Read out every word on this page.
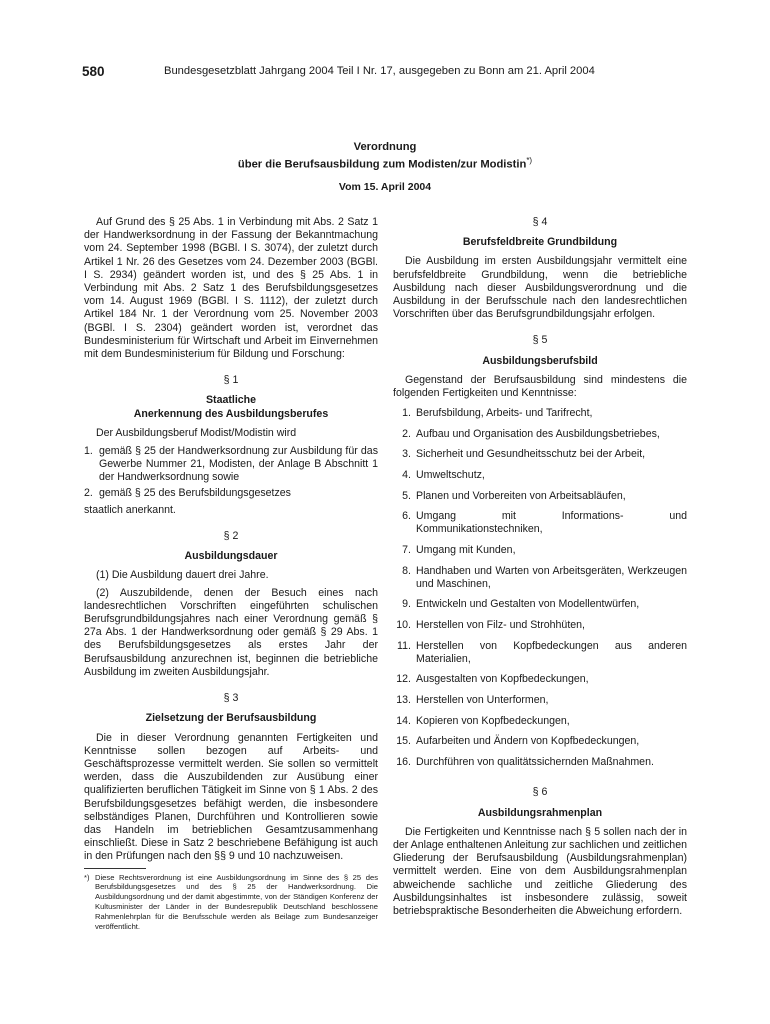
580	Bundesgesetzblatt Jahrgang 2004 Teil I Nr. 17, ausgegeben zu Bonn am 21. April 2004
Verordnung
über die Berufsausbildung zum Modisten/zur Modistin*)
Vom 15. April 2004

Auf Grund des § 25 Abs. 1 in Verbindung mit Abs. 2 Satz 1 der Handwerksordnung in der Fassung der Bekanntmachung vom 24. September 1998 (BGBl. I S. 3074), der zuletzt durch Artikel 1 Nr. 26 des Gesetzes vom 24. Dezember 2003 (BGBl. I S. 2934) geändert worden ist, und des § 25 Abs. 1 in Verbindung mit Abs. 2 Satz 1 des Berufsbildungsgesetzes vom 14. August 1969 (BGBl. I S. 1112), der zuletzt durch Artikel 184 Nr. 1 der Verordnung vom 25. November 2003 (BGBl. I S. 2304) geändert worden ist, verordnet das Bundesministerium für Wirtschaft und Arbeit im Einvernehmen mit dem Bundesministerium für Bildung und Forschung:

§ 1
Staatliche
Anerkennung des Ausbildungsberufes

Der Ausbildungsberuf Modist/Modistin wird

1. gemäß § 25 der Handwerksordnung zur Ausbildung für das Gewerbe Nummer 21, Modisten, der Anlage B Abschnitt 1 der Handwerksordnung sowie
2. gemäß § 25 des Berufsbildungsgesetzes

staatlich anerkannt.

§ 2
Ausbildungsdauer

(1) Die Ausbildung dauert drei Jahre.

(2) Auszubildende, denen der Besuch eines nach landesrechtlichen Vorschriften eingeführten schulischen Berufsgrundbildungsjahres nach einer Verordnung gemäß § 27a Abs. 1 der Handwerksordnung oder gemäß § 29 Abs. 1 des Berufsbildungsgesetzes als erstes Jahr der Berufsausbildung anzurechnen ist, beginnen die betriebliche Ausbildung im zweiten Ausbildungsjahr.

§ 3
Zielsetzung der Berufsausbildung

Die in dieser Verordnung genannten Fertigkeiten und Kenntnisse sollen bezogen auf Arbeits- und Geschäftsprozesse vermittelt werden. Sie sollen so vermittelt werden, dass die Auszubildenden zur Ausübung einer qualifizierten beruflichen Tätigkeit im Sinne von § 1 Abs. 2 des Berufsbildungsgesetzes befähigt werden, die insbesondere selbständiges Planen, Durchführen und Kontrollieren sowie das Handeln im betrieblichen Gesamtzusammenhang einschließt. Diese in Satz 2 beschriebene Befähigung ist auch in den Prüfungen nach den §§ 9 und 10 nachzuweisen.

*) Diese Rechtsverordnung ist eine Ausbildungsordnung im Sinne des § 25 des Berufsbildungsgesetzes und des § 25 der Handwerksordnung. Die Ausbildungsordnung und der damit abgestimmte, von der Ständigen Konferenz der Kultusminister der Länder in der Bundesrepublik Deutschland beschlossene Rahmenlehrplan für die Berufsschule werden als Beilage zum Bundesanzeiger veröffentlicht.
§ 4
Berufsfeldbreite Grundbildung

Die Ausbildung im ersten Ausbildungsjahr vermittelt eine berufsfeldbreite Grundbildung, wenn die betriebliche Ausbildung nach dieser Ausbildungsverordnung und die Ausbildung in der Berufsschule nach den landesrechtlichen Vorschriften über das Berufsgrundbildungsjahr erfolgen.

§ 5
Ausbildungsberufsbild

Gegenstand der Berufsausbildung sind mindestens die folgenden Fertigkeiten und Kenntnisse:

1. Berufsbildung, Arbeits- und Tarifrecht,
2. Aufbau und Organisation des Ausbildungsbetriebes,
3. Sicherheit und Gesundheitsschutz bei der Arbeit,
4. Umweltschutz,
5. Planen und Vorbereiten von Arbeitsabläufen,
6. Umgang mit Informations- und Kommunikationstechniken,
7. Umgang mit Kunden,
8. Handhaben und Warten von Arbeitsgeräten, Werkzeugen und Maschinen,
9. Entwickeln und Gestalten von Modellentwürfen,
10. Herstellen von Filz- und Strohhüten,
11. Herstellen von Kopfbedeckungen aus anderen Materialien,
12. Ausgestalten von Kopfbedeckungen,
13. Herstellen von Unterformen,
14. Kopieren von Kopfbedeckungen,
15. Aufarbeiten und Ändern von Kopfbedeckungen,
16. Durchführen von qualitätssichernden Maßnahmen.
§ 6
Ausbildungsrahmenplan

Die Fertigkeiten und Kenntnisse nach § 5 sollen nach der in der Anlage enthaltenen Anleitung zur sachlichen und zeitlichen Gliederung der Berufsausbildung (Ausbildungsrahmenplan) vermittelt werden. Eine von dem Ausbildungsrahmenplan abweichende sachliche und zeitliche Gliederung des Ausbildungsinhaltes ist insbesondere zulässig, soweit betriebspraktische Besonderheiten die Abweichung erfordern.
